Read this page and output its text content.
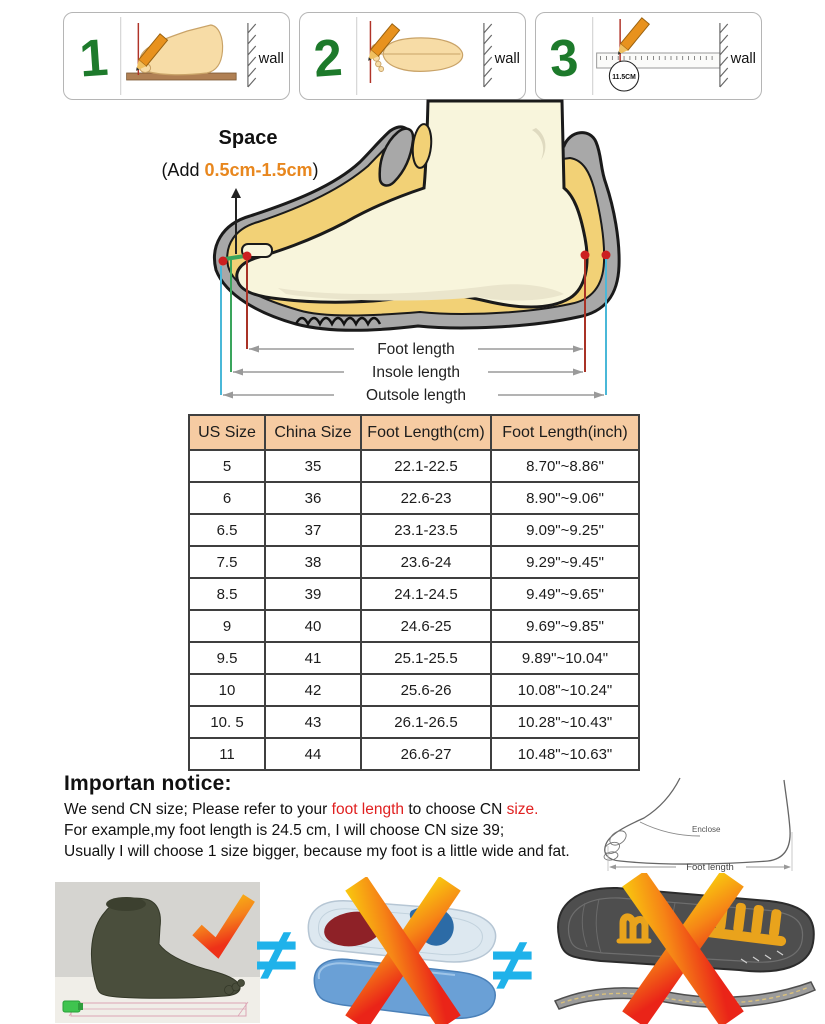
1	wall 2	wall 3	11.5CM
wall
Space
(Add 0.5cm-1.5cm)
Foot length
Insole length
Outsole length
US Size	China Size	Foot Length(cm)	Foot Length(inch)
5	35	22.1-22.5	8.70"~8.86"
6	36	22.6-23	8.90"~9.06"
6.5	37	23.1-23.5	9.09"~9.25"
7.5	38	23.6-24	9.29"~9.45"
8.5	39	24.1-24.5	9.49"~9.65"
9	40	24.6-25	9.69"~9.85"
9.5	41	25.1-25.5	9.89"~10.04"
10	42	25.6-26	10.08"~10.24"
10. 5	43	26.1-26.5	10.28"~10.43"
11	44	26.6-27	10.48"~10.63"
Importan notice:
We send CN size; Please refer to your foot length to choose CN size.
For example,my foot length is 24.5 cm, I will choose CN size 39;
Usually I will choose 1 size bigger, because my foot is a little wide and fat.
Enclose
Foot length
≠	≠
